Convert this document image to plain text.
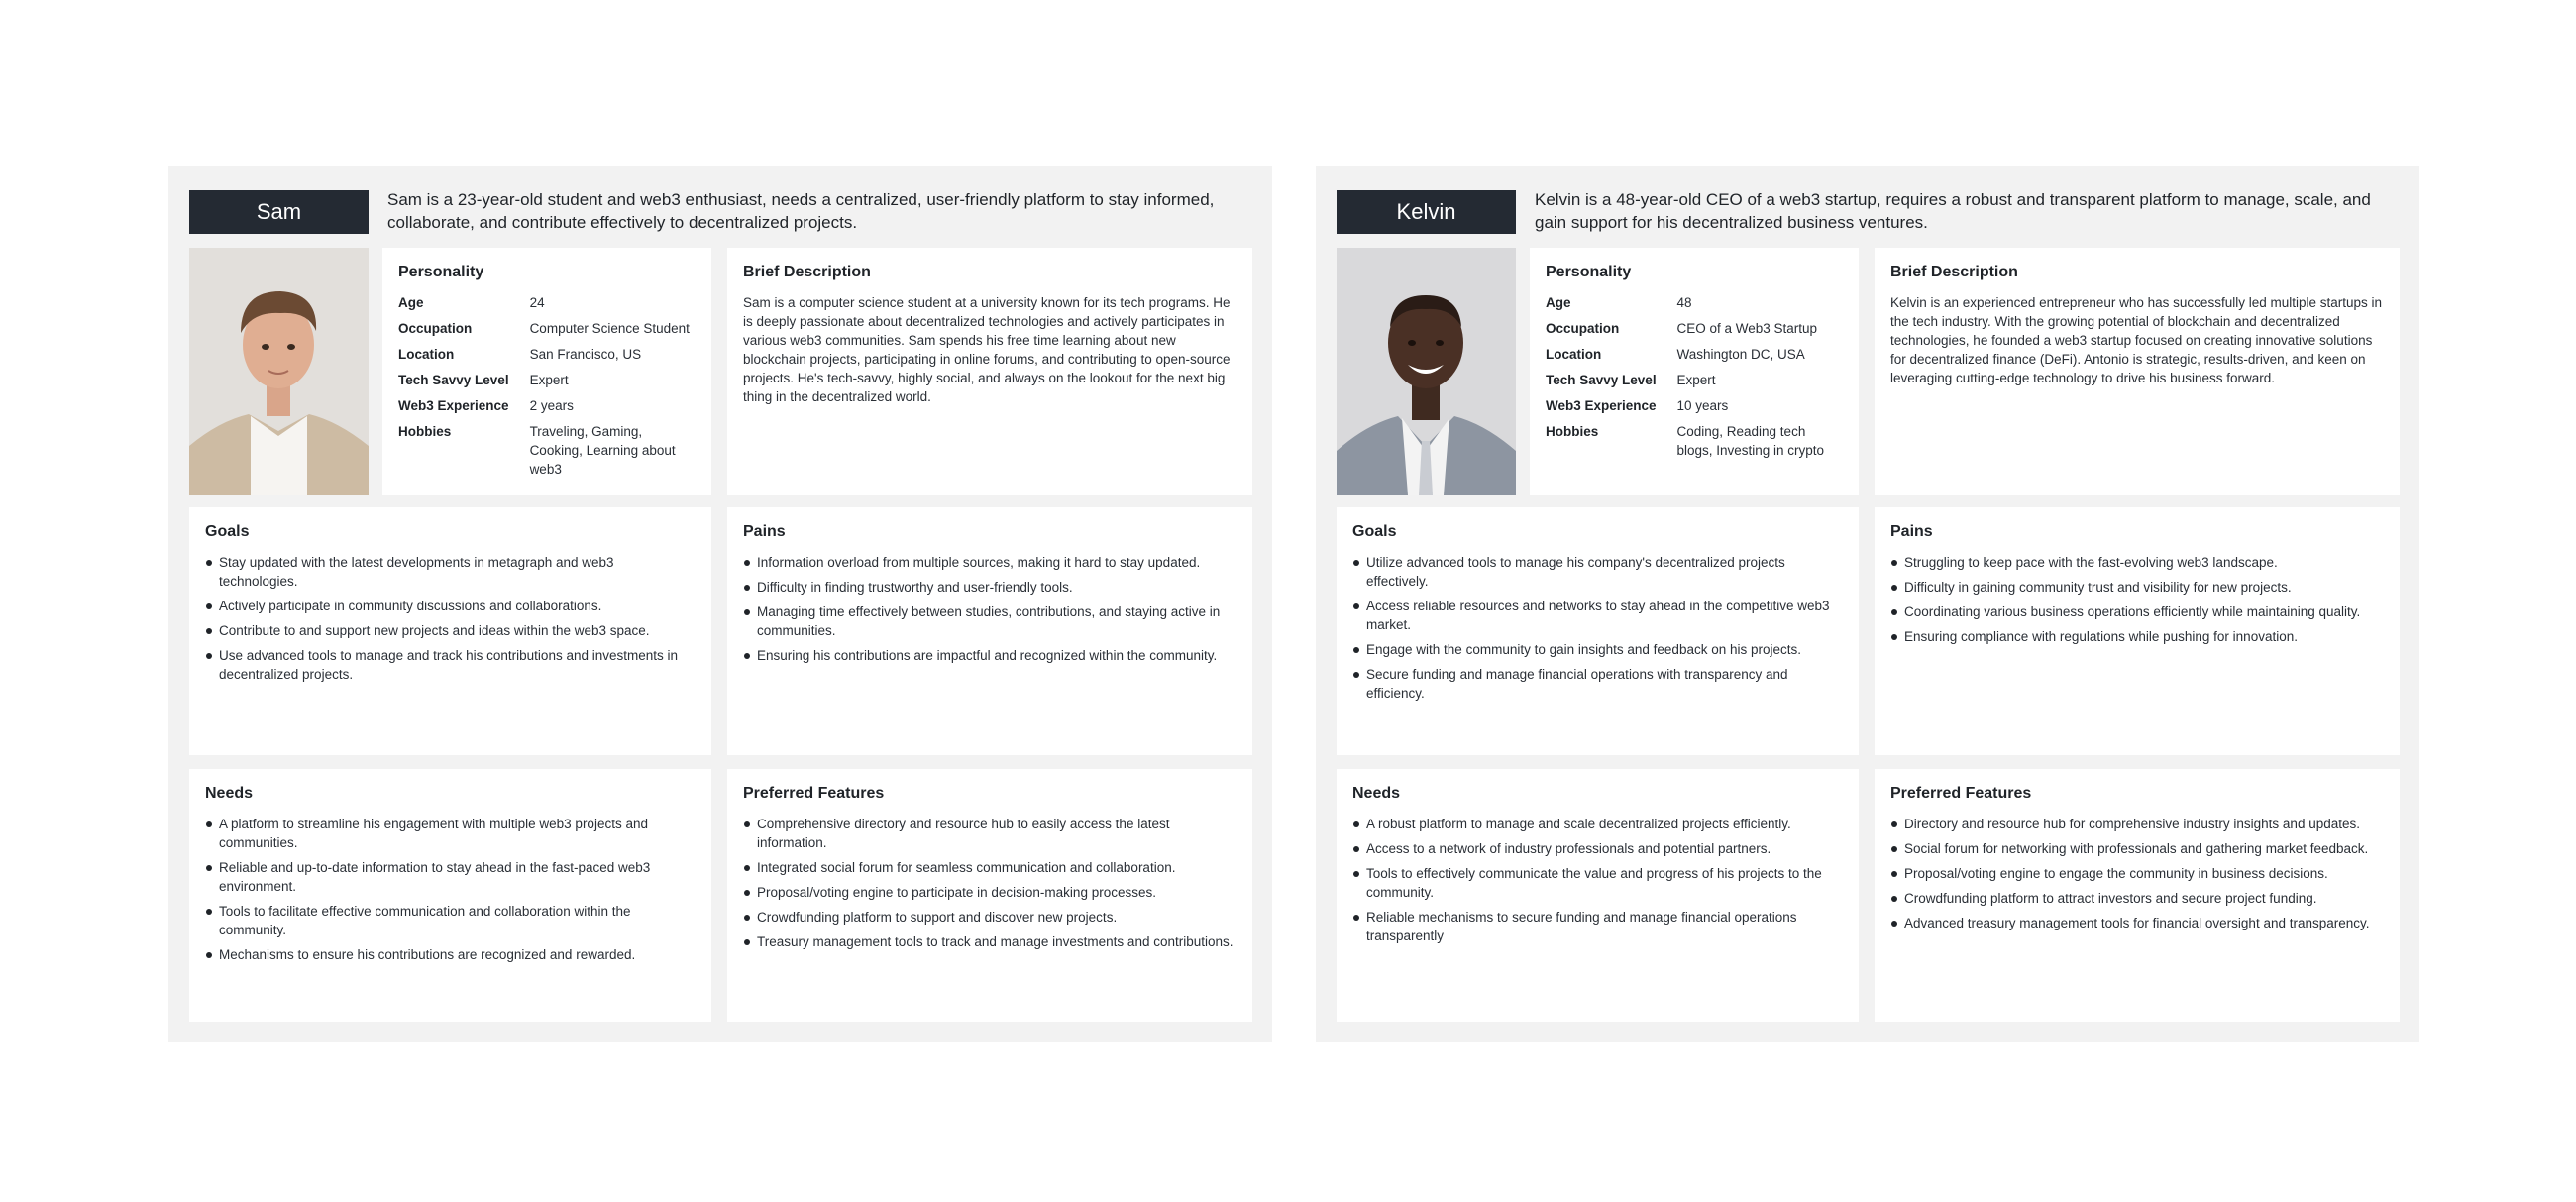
Sam	Sam is a 23-year-old student and web3 enthusiast, needs a centralized, user-friendly platform to stay informed, collaborate, and contribute effectively to decentralized projects.
Personality
Age	24
Occupation	Computer Science Student
Location	San Francisco, US
Tech Savvy Level	Expert
Web3 Experience	2 years
Hobbies	Traveling, Gaming, Cooking, Learning about web3
Brief Description

Sam is a computer science student at a university known for its tech programs. He is deeply passionate about decentralized technologies and actively participates in various web3 communities. Sam spends his free time learning about new blockchain projects, participating in online forums, and contributing to open-source projects. He's tech-savvy, highly social, and always on the lookout for the next big thing in the decentralized world.

Goals
Stay updated with the latest developments in metagraph and web3 technologies.
Actively participate in community discussions and collaborations.
Contribute to and support new projects and ideas within the web3 space.
Use advanced tools to manage and track his contributions and investments in decentralized projects.
Pains
Information overload from multiple sources, making it hard to stay updated.
Difficulty in finding trustworthy and user-friendly tools.
Managing time effectively between studies, contributions, and staying active in communities.
Ensuring his contributions are impactful and recognized within the community.
Needs
A platform to streamline his engagement with multiple web3 projects and communities.
Reliable and up-to-date information to stay ahead in the fast-paced web3 environment.
Tools to facilitate effective communication and collaboration within the community.
Mechanisms to ensure his contributions are recognized and rewarded.
Preferred Features
Comprehensive directory and resource hub to easily access the latest information.
Integrated social forum for seamless communication and collaboration.
Proposal/voting engine to participate in decision-making processes.
Crowdfunding platform to support and discover new projects.
Treasury management tools to track and manage investments and contributions.
Kelvin	Kelvin is a 48-year-old CEO of a web3 startup, requires a robust and transparent platform to manage, scale, and gain support for his decentralized business ventures.
Personality
Age	48
Occupation	CEO of a Web3 Startup
Location	Washington DC, USA
Tech Savvy Level	Expert
Web3 Experience	10 years
Hobbies	Coding, Reading tech blogs, Investing in crypto
Brief Description

Kelvin is an experienced entrepreneur who has successfully led multiple startups in the tech industry. With the growing potential of blockchain and decentralized technologies, he founded a web3 startup focused on creating innovative solutions for decentralized finance (DeFi). Antonio is strategic, results-driven, and keen on leveraging cutting-edge technology to drive his business forward.

Goals
Utilize advanced tools to manage his company's decentralized projects effectively.
Access reliable resources and networks to stay ahead in the competitive web3 market.
Engage with the community to gain insights and feedback on his projects.
Secure funding and manage financial operations with transparency and efficiency.
Pains
Struggling to keep pace with the fast-evolving web3 landscape.
Difficulty in gaining community trust and visibility for new projects.
Coordinating various business operations efficiently while maintaining quality.
Ensuring compliance with regulations while pushing for innovation.
Needs
A robust platform to manage and scale decentralized projects efficiently.
Access to a network of industry professionals and potential partners.
Tools to effectively communicate the value and progress of his projects to the community.
Reliable mechanisms to secure funding and manage financial operations transparently
Preferred Features
Directory and resource hub for comprehensive industry insights and updates.
Social forum for networking with professionals and gathering market feedback.
Proposal/voting engine to engage the community in business decisions.
Crowdfunding platform to attract investors and secure project funding.
Advanced treasury management tools for financial oversight and transparency.
